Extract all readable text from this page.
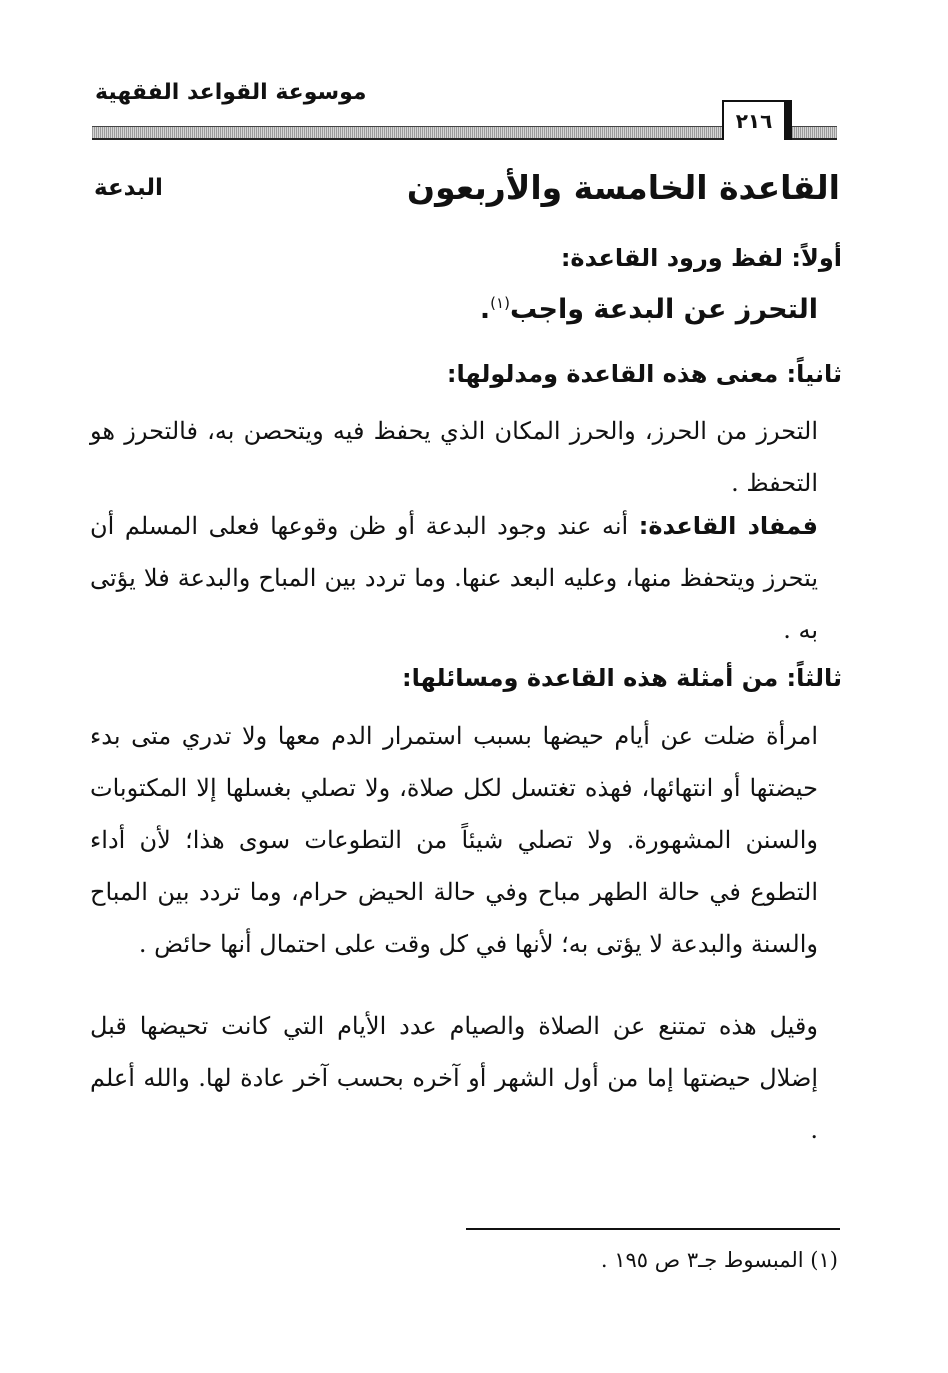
٢١٦
موسوعة القواعد الفقهية
القاعدة الخامسة والأربعون
البدعة
أولاً: لفظ ورود القاعدة:
التحرز عن البدعة واجب$^{(١)}$.
ثانياً: معنى هذه القاعدة ومدلولها:
التحرز من الحرز، والحرز المكان الذي يحفظ فيه ويتحصن به، فالتحرز هو التحفظ .
فمفاد القاعدة: أنه عند وجود البدعة أو ظن وقوعها فعلى المسلم أن يتحرز ويتحفظ منها، وعليه البعد عنها. وما تردد بين المباح والبدعة فلا يؤتى به .
ثالثاً: من أمثلة هذه القاعدة ومسائلها:
امرأة ضلت عن أيام حيضها بسبب استمرار الدم معها ولا تدري متى بدء حيضتها أو انتهائها، فهذه تغتسل لكل صلاة، ولا تصلي بغسلها إلا المكتوبات والسنن المشهورة. ولا تصلي شيئاً من التطوعات سوى هذا؛ لأن أداء التطوع في حالة الطهر مباح وفي حالة الحيض حرام، وما تردد بين المباح والسنة والبدعة لا يؤتى به؛ لأنها في كل وقت على احتمال أنها حائض .
وقيل هذه تمتنع عن الصلاة والصيام عدد الأيام التي كانت تحيضها قبل إضلال حيضتها إما من أول الشهر أو آخره بحسب آخر عادة لها. والله أعلم .
(١) المبسوط جـ٣ ص ١٩٥ .
